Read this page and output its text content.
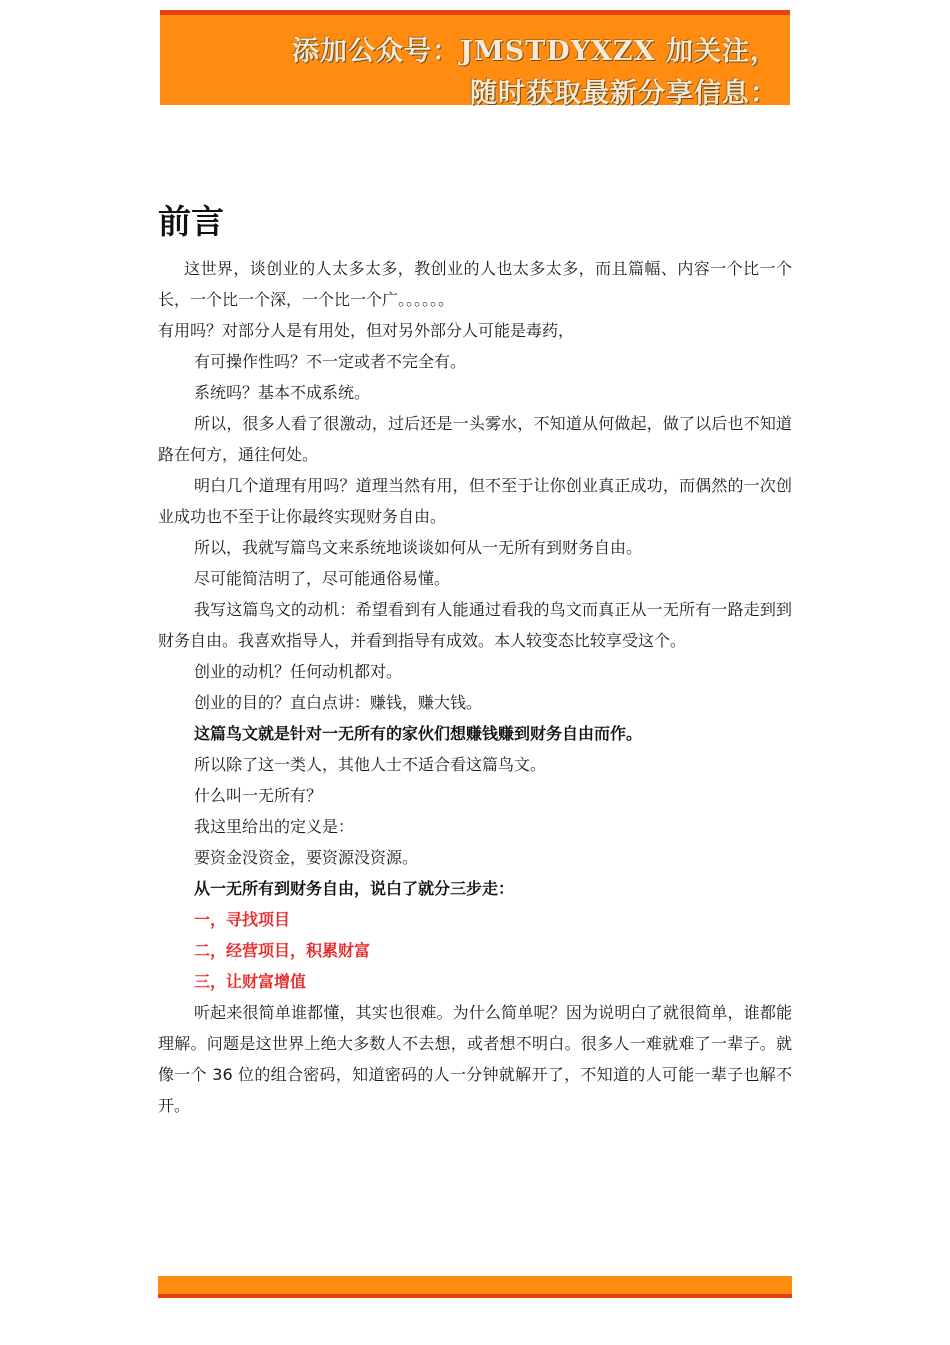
添加公众号：JMSTDYXZX 加关注，
随时获取最新分享信息：
前言

这世界，谈创业的人太多太多，教创业的人也太多太多，而且篇幅、内容一个比一个长，一个比一个深，一个比一个广。。。。。。

有用吗？对部分人是有用处，但对另外部分人可能是毒药，

有可操作性吗？不一定或者不完全有。

系统吗？基本不成系统。

所以，很多人看了很激动，过后还是一头雾水，不知道从何做起，做了以后也不知道路在何方，通往何处。

明白几个道理有用吗？道理当然有用，但不至于让你创业真正成功，而偶然的一次创业成功也不至于让你最终实现财务自由。

所以，我就写篇鸟文来系统地谈谈如何从一无所有到财务自由。

尽可能简洁明了，尽可能通俗易懂。

我写这篇鸟文的动机：希望看到有人能通过看我的鸟文而真正从一无所有一路走到到财务自由。我喜欢指导人，并看到指导有成效。本人较变态比较享受这个。

创业的动机？任何动机都对。

创业的目的？直白点讲：赚钱，赚大钱。

这篇鸟文就是针对一无所有的家伙们想赚钱赚到财务自由而作。

所以除了这一类人，其他人士不适合看这篇鸟文。

什么叫一无所有？

我这里给出的定义是：

要资金没资金，要资源没资源。

从一无所有到财务自由，说白了就分三步走：

一，寻找项目

二，经营项目，积累财富

三，让财富增值

听起来很简单谁都懂，其实也很难。为什么简单呢？因为说明白了就很简单，谁都能理解。问题是这世界上绝大多数人不去想，或者想不明白。很多人一难就难了一辈子。就像一个 36 位的组合密码，知道密码的人一分钟就解开了，不知道的人可能一辈子也解不开。
